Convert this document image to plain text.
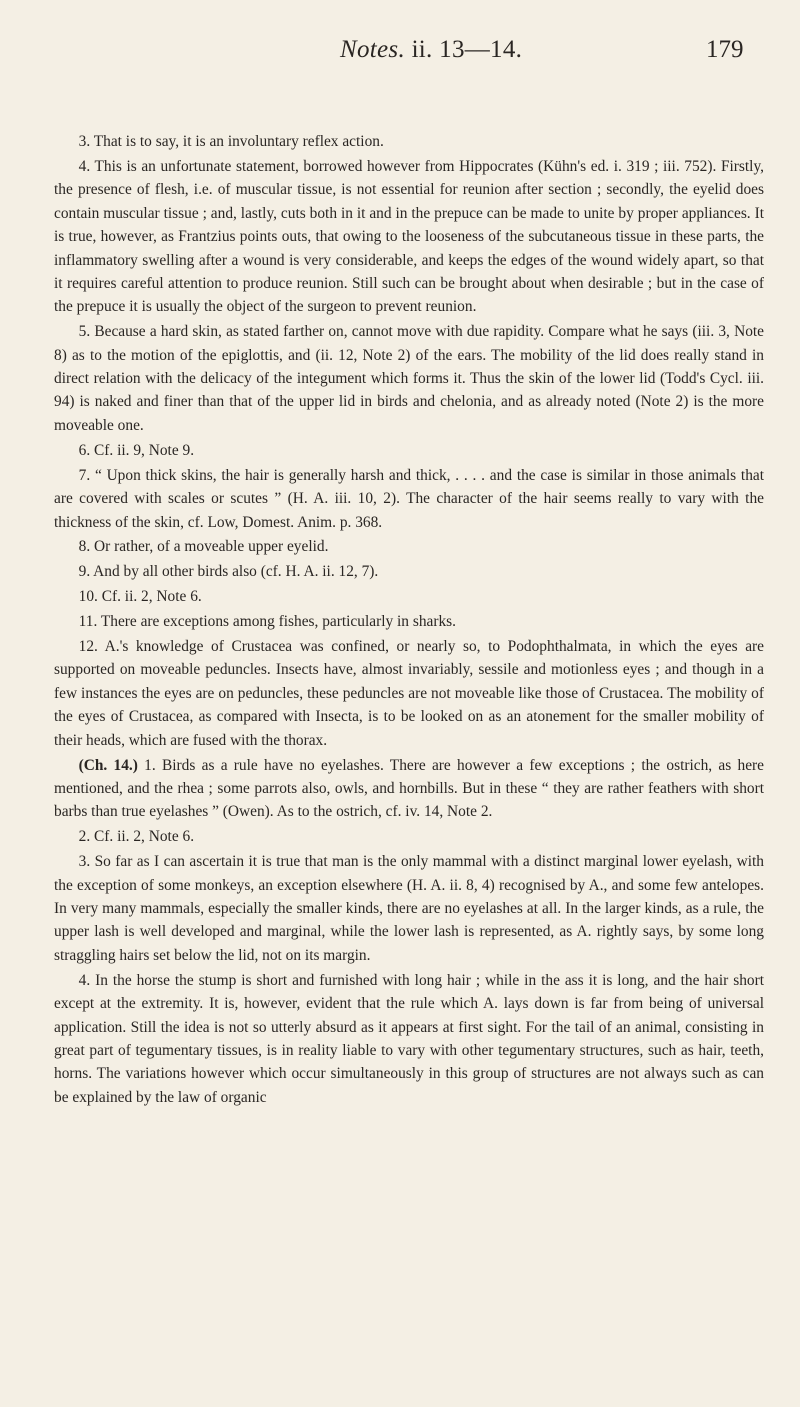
Notes. ii. 13—14.	179

3. That is to say, it is an involuntary reflex action.

4. This is an unfortunate statement, borrowed however from Hippocrates (Kühn's ed. i. 319 ; iii. 752). Firstly, the presence of flesh, i.e. of muscular tissue, is not essential for reunion after section ; secondly, the eyelid does contain muscular tissue ; and, lastly, cuts both in it and in the prepuce can be made to unite by proper appliances. It is true, however, as Frantzius points outs, that owing to the looseness of the subcutaneous tissue in these parts, the inflammatory swelling after a wound is very considerable, and keeps the edges of the wound widely apart, so that it requires careful attention to produce reunion. Still such can be brought about when desirable ; but in the case of the prepuce it is usually the object of the surgeon to prevent reunion.

5. Because a hard skin, as stated farther on, cannot move with due rapidity. Compare what he says (iii. 3, Note 8) as to the motion of the epiglottis, and (ii. 12, Note 2) of the ears. The mobility of the lid does really stand in direct relation with the delicacy of the integument which forms it. Thus the skin of the lower lid (Todd's Cycl. iii. 94) is naked and finer than that of the upper lid in birds and chelonia, and as already noted (Note 2) is the more moveable one.

6. Cf. ii. 9, Note 9.

7. “ Upon thick skins, the hair is generally harsh and thick, . . . . and the case is similar in those animals that are covered with scales or scutes ” (H. A. iii. 10, 2). The character of the hair seems really to vary with the thickness of the skin, cf. Low, Domest. Anim. p. 368.

8. Or rather, of a moveable upper eyelid.

9. And by all other birds also (cf. H. A. ii. 12, 7).

10. Cf. ii. 2, Note 6.

11. There are exceptions among fishes, particularly in sharks.

12. A.'s knowledge of Crustacea was confined, or nearly so, to Podophthalmata, in which the eyes are supported on moveable peduncles. Insects have, almost invariably, sessile and motionless eyes ; and though in a few instances the eyes are on peduncles, these peduncles are not moveable like those of Crustacea. The mobility of the eyes of Crustacea, as compared with Insecta, is to be looked on as an atonement for the smaller mobility of their heads, which are fused with the thorax.

(Ch. 14.) 1. Birds as a rule have no eyelashes. There are however a few exceptions ; the ostrich, as here mentioned, and the rhea ; some parrots also, owls, and hornbills. But in these “ they are rather feathers with short barbs than true eyelashes ” (Owen). As to the ostrich, cf. iv. 14, Note 2.

2. Cf. ii. 2, Note 6.

3. So far as I can ascertain it is true that man is the only mammal with a distinct marginal lower eyelash, with the exception of some monkeys, an exception elsewhere (H. A. ii. 8, 4) recognised by A., and some few antelopes. In very many mammals, especially the smaller kinds, there are no eyelashes at all. In the larger kinds, as a rule, the upper lash is well developed and marginal, while the lower lash is represented, as A. rightly says, by some long straggling hairs set below the lid, not on its margin.

4. In the horse the stump is short and furnished with long hair ; while in the ass it is long, and the hair short except at the extremity. It is, however, evident that the rule which A. lays down is far from being of universal application. Still the idea is not so utterly absurd as it appears at first sight. For the tail of an animal, consisting in great part of tegumentary tissues, is in reality liable to vary with other tegumentary structures, such as hair, teeth, horns. The variations however which occur simultaneously in this group of structures are not always such as can be explained by the law of organic
